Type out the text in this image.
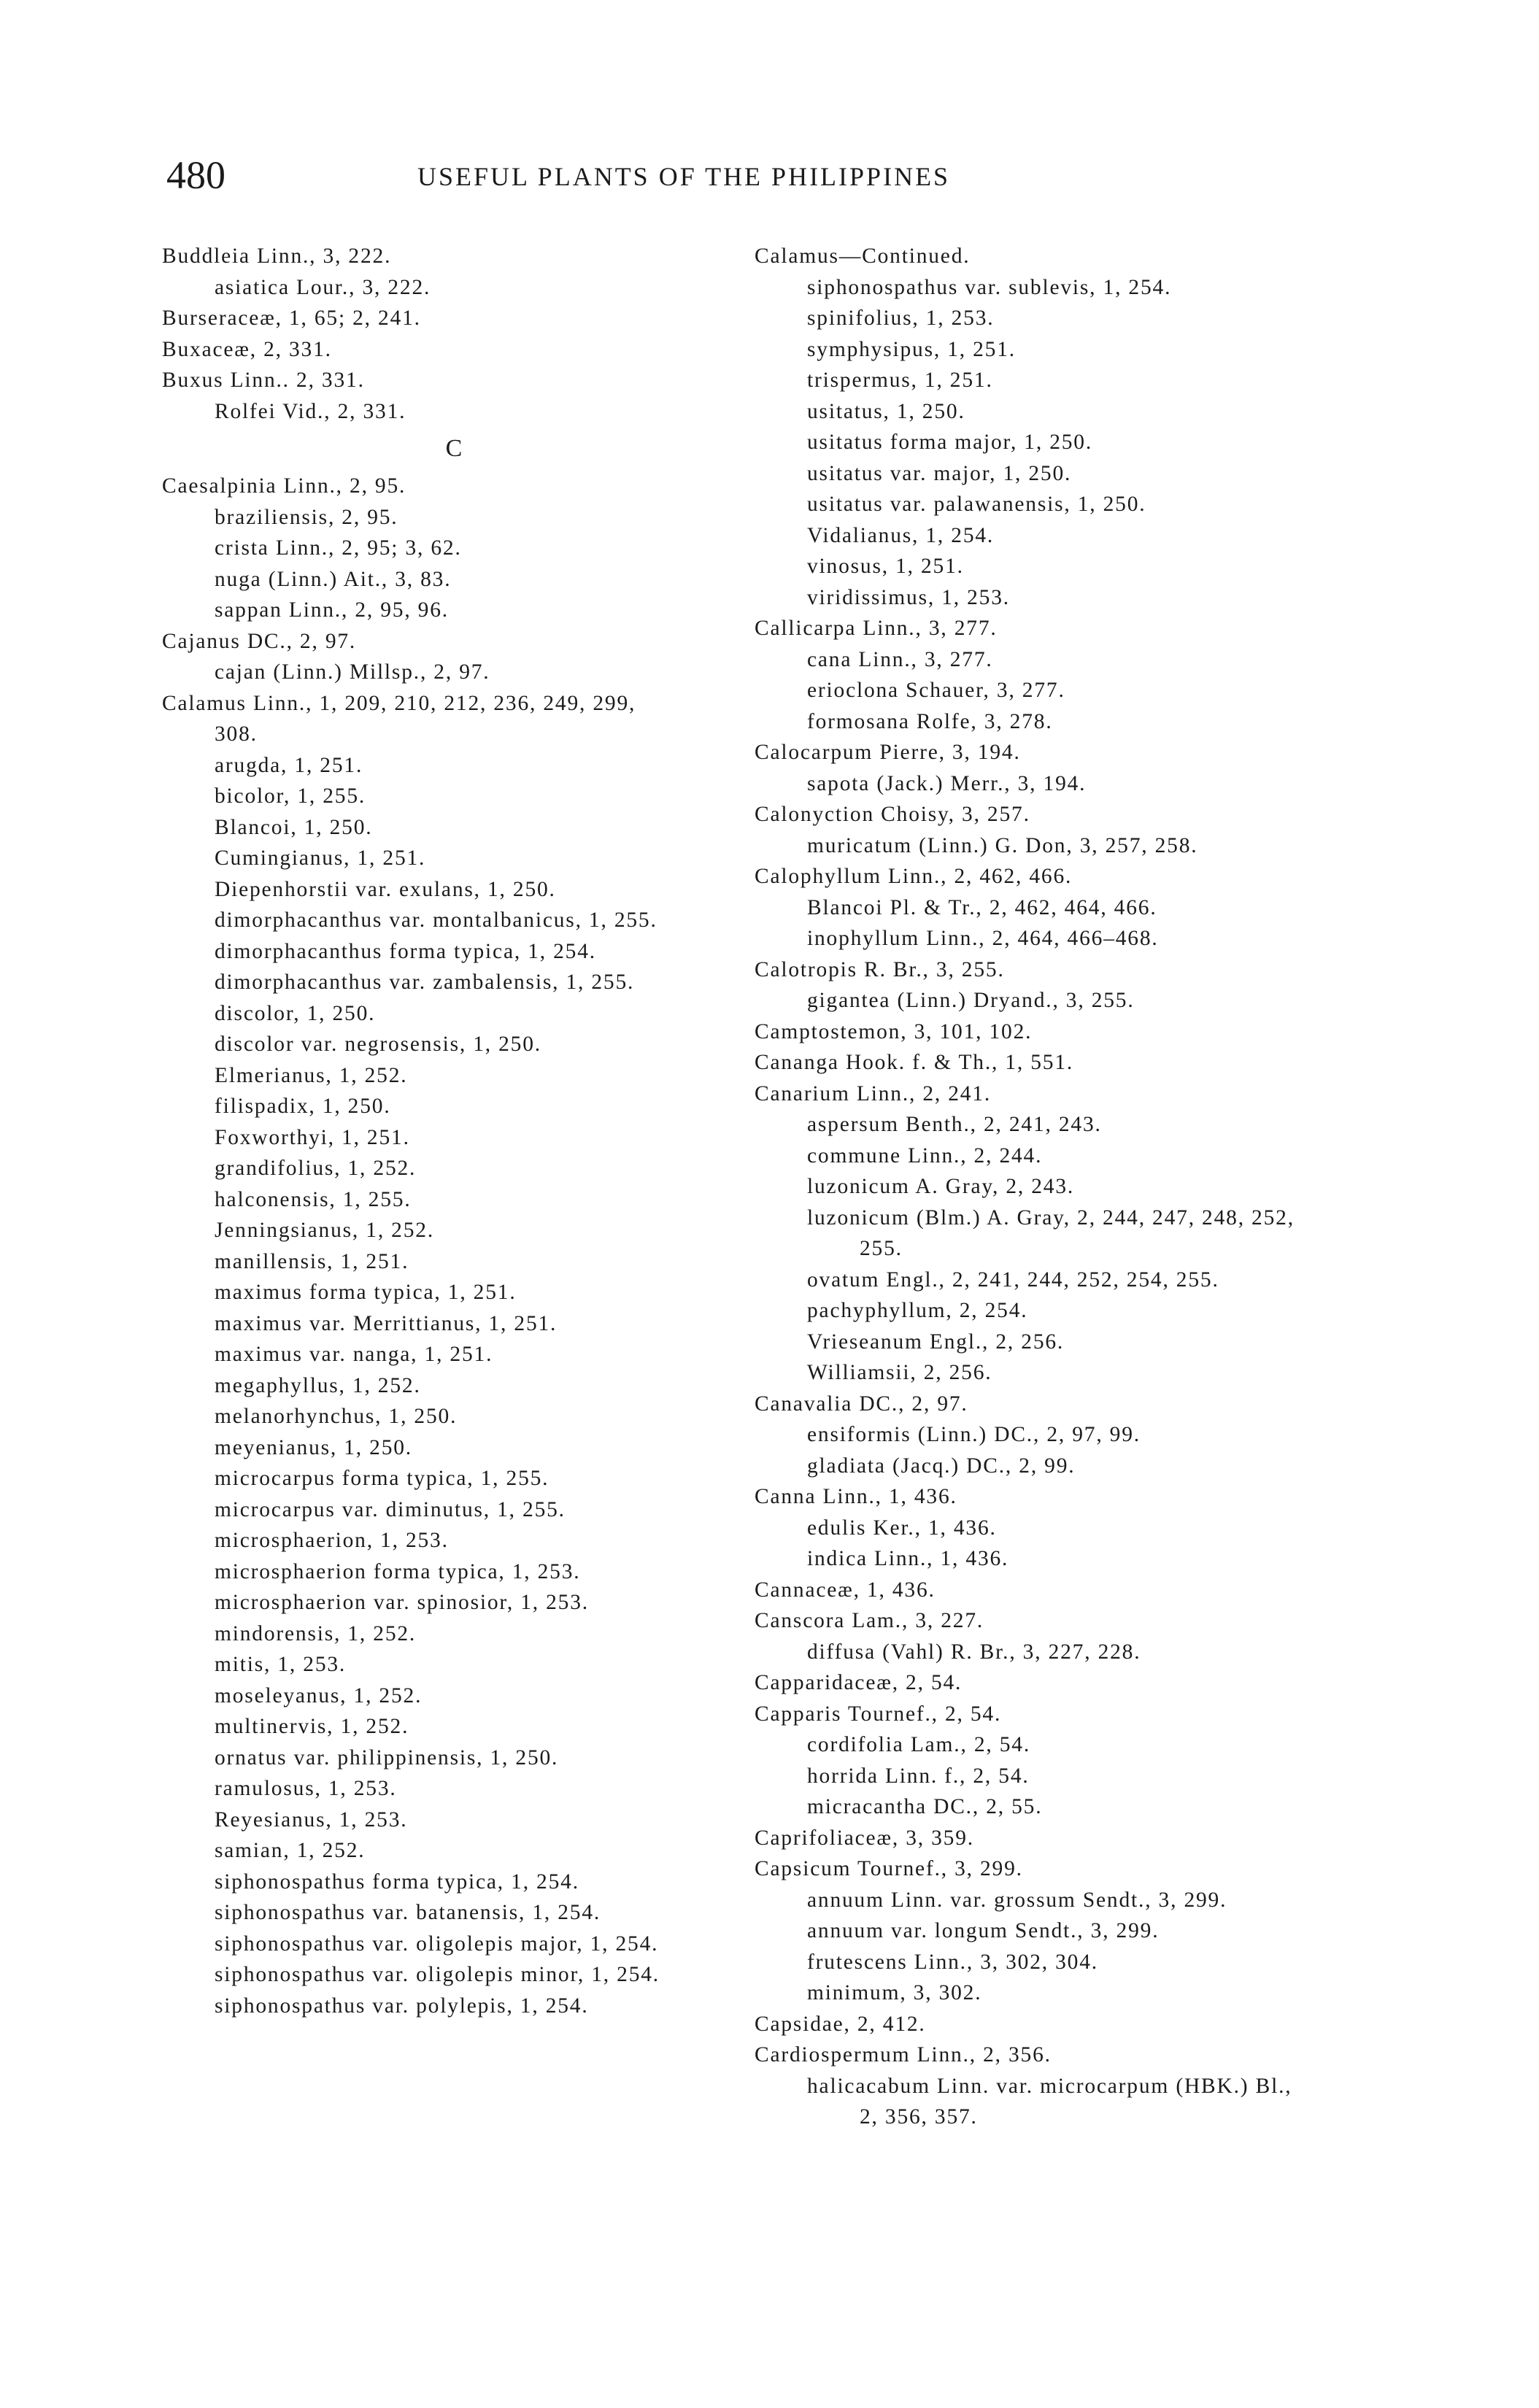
480	USEFUL PLANTS OF THE PHILIPPINES
Buddleia Linn., 3, 222.
asiatica Lour., 3, 222.
Burseraceæ, 1, 65; 2, 241.
Buxaceæ, 2, 331.
Buxus Linn.. 2, 331.
Rolfei Vid., 2, 331.
C
Caesalpinia Linn., 2, 95.
braziliensis, 2, 95.
crista Linn., 2, 95; 3, 62.
nuga (Linn.) Ait., 3, 83.
sappan Linn., 2, 95, 96.
Cajanus DC., 2, 97.
cajan (Linn.) Millsp., 2, 97.
Calamus Linn., 1, 209, 210, 212, 236, 249, 299, 308.
arugda, 1, 251.
bicolor, 1, 255.
Blancoi, 1, 250.
Cumingianus, 1, 251.
Diepenhorstii var. exulans, 1, 250.
dimorphacanthus var. montalbanicus, 1, 255.
dimorphacanthus forma typica, 1, 254.
dimorphacanthus var. zambalensis, 1, 255.
discolor, 1, 250.
discolor var. negrosensis, 1, 250.
Elmerianus, 1, 252.
filispadix, 1, 250.
Foxworthyi, 1, 251.
grandifolius, 1, 252.
halconensis, 1, 255.
Jenningsianus, 1, 252.
manillensis, 1, 251.
maximus forma typica, 1, 251.
maximus var. Merrittianus, 1, 251.
maximus var. nanga, 1, 251.
megaphyllus, 1, 252.
melanorhynchus, 1, 250.
meyenianus, 1, 250.
microcarpus forma typica, 1, 255.
microcarpus var. diminutus, 1, 255.
microsphaerion, 1, 253.
microsphaerion forma typica, 1, 253.
microsphaerion var. spinosior, 1, 253.
mindorensis, 1, 252.
mitis, 1, 253.
moseleyanus, 1, 252.
multinervis, 1, 252.
ornatus var. philippinensis, 1, 250.
ramulosus, 1, 253.
Reyesianus, 1, 253.
samian, 1, 252.
siphonospathus forma typica, 1, 254.
siphonospathus var. batanensis, 1, 254.
siphonospathus var. oligolepis major, 1, 254.
siphonospathus var. oligolepis minor, 1, 254.
siphonospathus var. polylepis, 1, 254.
Calamus—Continued.
siphonospathus var. sublevis, 1, 254.
spinifolius, 1, 253.
symphysipus, 1, 251.
trispermus, 1, 251.
usitatus, 1, 250.
usitatus forma major, 1, 250.
usitatus var. major, 1, 250.
usitatus var. palawanensis, 1, 250.
Vidalianus, 1, 254.
vinosus, 1, 251.
viridissimus, 1, 253.
Callicarpa Linn., 3, 277.
cana Linn., 3, 277.
erioclona Schauer, 3, 277.
formosana Rolfe, 3, 278.
Calocarpum Pierre, 3, 194.
sapota (Jack.) Merr., 3, 194.
Calonyction Choisy, 3, 257.
muricatum (Linn.) G. Don, 3, 257, 258.
Calophyllum Linn., 2, 462, 466.
Blancoi Pl. & Tr., 2, 462, 464, 466.
inophyllum Linn., 2, 464, 466–468.
Calotropis R. Br., 3, 255.
gigantea (Linn.) Dryand., 3, 255.
Camptostemon, 3, 101, 102.
Cananga Hook. f. & Th., 1, 551.
Canarium Linn., 2, 241.
aspersum Benth., 2, 241, 243.
commune Linn., 2, 244.
luzonicum A. Gray, 2, 243.
luzonicum (Blm.) A. Gray, 2, 244, 247, 248, 252, 255.
ovatum Engl., 2, 241, 244, 252, 254, 255.
pachyphyllum, 2, 254.
Vrieseanum Engl., 2, 256.
Williamsii, 2, 256.
Canavalia DC., 2, 97.
ensiformis (Linn.) DC., 2, 97, 99.
gladiata (Jacq.) DC., 2, 99.
Canna Linn., 1, 436.
edulis Ker., 1, 436.
indica Linn., 1, 436.
Cannaceæ, 1, 436.
Canscora Lam., 3, 227.
diffusa (Vahl) R. Br., 3, 227, 228.
Capparidaceæ, 2, 54.
Capparis Tournef., 2, 54.
cordifolia Lam., 2, 54.
horrida Linn. f., 2, 54.
micracantha DC., 2, 55.
Caprifoliaceæ, 3, 359.
Capsicum Tournef., 3, 299.
annuum Linn. var. grossum Sendt., 3, 299.
annuum var. longum Sendt., 3, 299.
frutescens Linn., 3, 302, 304.
minimum, 3, 302.
Capsidae, 2, 412.
Cardiospermum Linn., 2, 356.
halicacabum Linn. var. microcarpum (HBK.) Bl., 2, 356, 357.
